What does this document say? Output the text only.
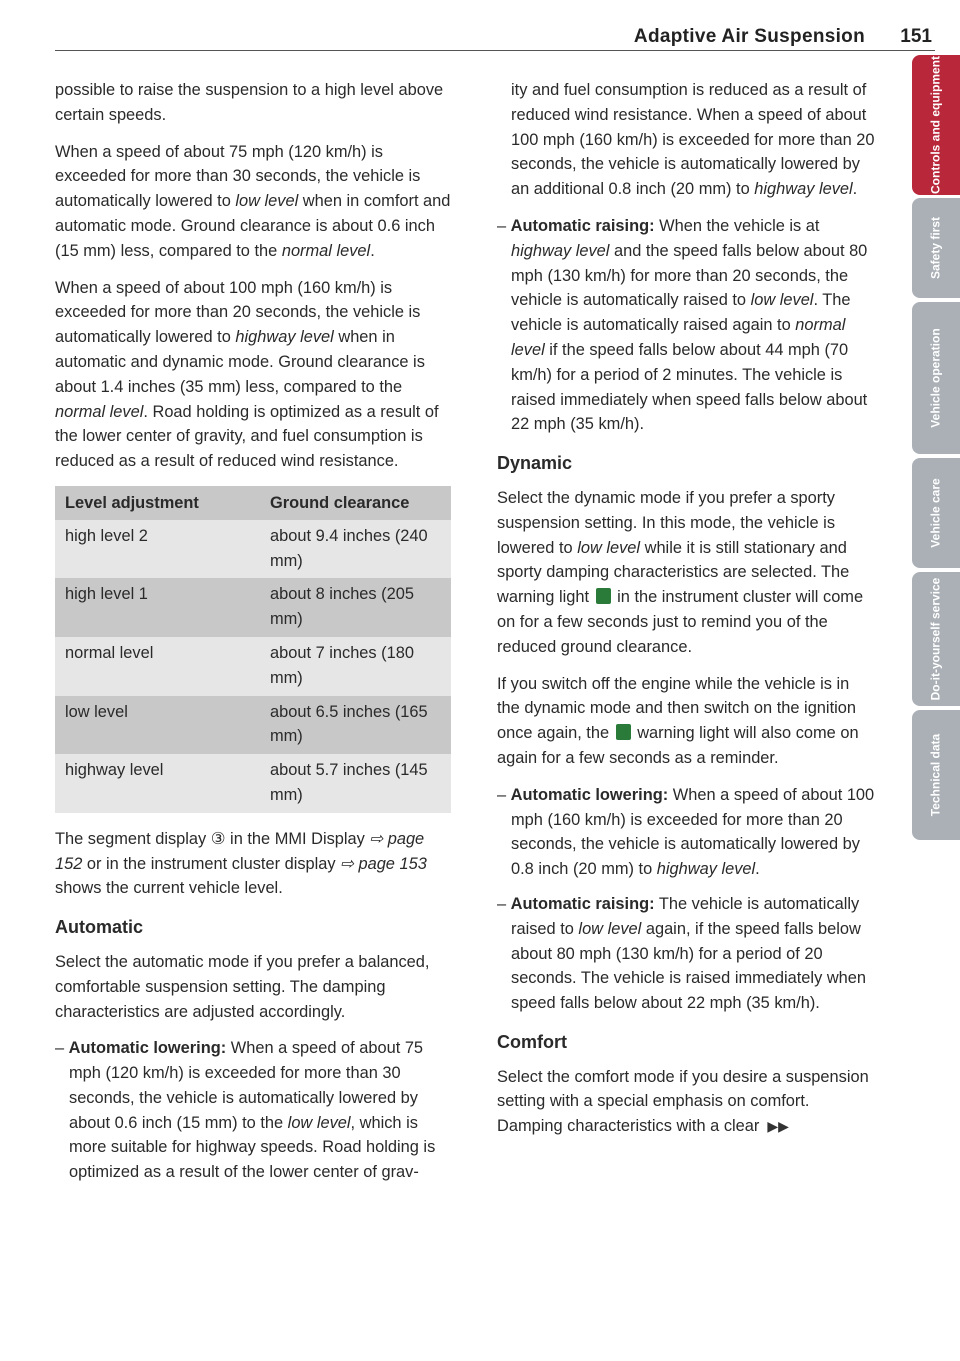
Adaptive Air Suspension 151

possible to raise the suspension to a high level above certain speeds.

When a speed of about 75 mph (120 km/h) is exceeded for more than 30 seconds, the vehicle is automatically lowered to low level when in comfort and automatic mode. Ground clearance is about 0.6 inch (15 mm) less, compared to the normal level.

When a speed of about 100 mph (160 km/h) is exceeded for more than 20 seconds, the vehicle is automatically lowered to highway level when in automatic and dynamic mode. Ground clearance is about 1.4 inches (35 mm) less, compared to the normal level. Road holding is optimized as a result of the lower center of gravity, and fuel consumption is reduced as a result of reduced wind resistance.

Level adjustment	Ground clearance
high level 2	about 9.4 inches (240 mm)
high level 1	about 8 inches (205 mm)
normal level	about 7 inches (180 mm)
low level	about 6.5 inches (165 mm)
highway level	about 5.7 inches (145 mm)

The segment display ③ in the MMI Display ⇨ page 152 or in the instrument cluster display ⇨ page 153 shows the current vehicle level.

Automatic

Select the automatic mode if you prefer a balanced, comfortable suspension setting. The damping characteristics are adjusted accordingly.

– Automatic lowering: When a speed of about 75 mph (120 km/h) is exceeded for more than 30 seconds, the vehicle is automatically lowered by about 0.6 inch (15 mm) to the low level, which is more suitable for highway speeds. Road holding is optimized as a result of the lower center of grav-

ity and fuel consumption is reduced as a result of reduced wind resistance. When a speed of about 100 mph (160 km/h) is exceeded for more than 20 seconds, the vehicle is automatically lowered by an additional 0.8 inch (20 mm) to highway level.

– Automatic raising: When the vehicle is at highway level and the speed falls below about 80 mph (130 km/h) for more than 20 seconds, the vehicle is automatically raised to low level. The vehicle is automatically raised again to normal level if the speed falls below about 44 mph (70 km/h) for a period of 2 minutes. The vehicle is raised immediately when speed falls below about 22 mph (35 km/h).

Dynamic

Select the dynamic mode if you prefer a sporty suspension setting. In this mode, the vehicle is lowered to low level while it is still stationary and sporty damping characteristics are selected. The warning light  in the instrument cluster will come on for a few seconds just to remind you of the reduced ground clearance.

If you switch off the engine while the vehicle is in the dynamic mode and then switch on the ignition once again, the  warning light will also come on again for a few seconds as a reminder.

– Automatic lowering: When a speed of about 100 mph (160 km/h) is exceeded for more than 20 seconds, the vehicle is automatically lowered by 0.8 inch (20 mm) to highway level.

– Automatic raising: The vehicle is automatically raised to low level again, if the speed falls below about 80 mph (130 km/h) for a period of 20 seconds. The vehicle is raised immediately when speed falls below about 22 mph (35 km/h).

Comfort

Select the comfort mode if you desire a suspension setting with a special emphasis on comfort. Damping characteristics with a clear ▶▶

Controls and equipment
Safety first
Vehicle operation
Vehicle care
Do-it-yourself service
Technical data
